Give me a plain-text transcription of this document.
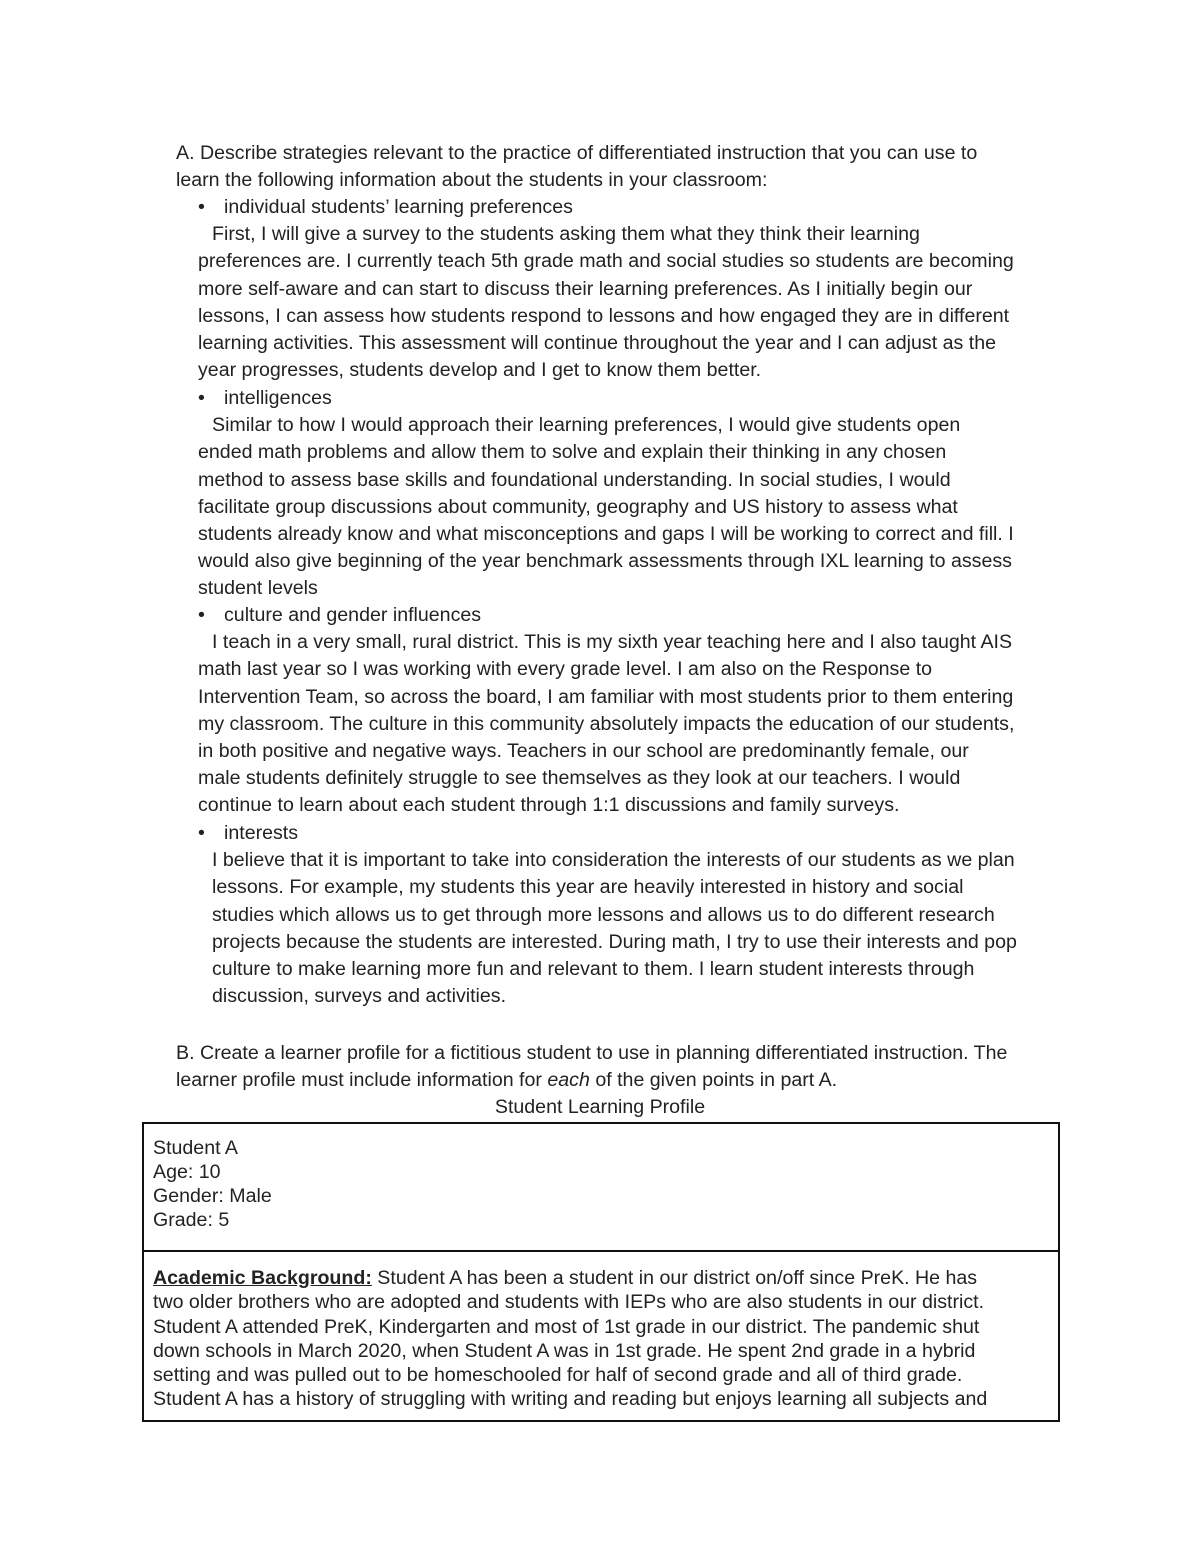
A. Describe strategies relevant to the practice of differentiated instruction that you can use to
learn the following information about the students in your classroom:
• individual students’ learning preferences
First, I will give a survey to the students asking them what they think their learning
preferences are. I currently teach 5th grade math and social studies so students are becoming
more self-aware and can start to discuss their learning preferences. As I initially begin our
lessons, I can assess how students respond to lessons and how engaged they are in different
learning activities. This assessment will continue throughout the year and I can adjust as the
year progresses, students develop and I get to know them better.
• intelligences
Similar to how I would approach their learning preferences, I would give students open
ended math problems and allow them to solve and explain their thinking in any chosen
method to assess base skills and foundational understanding. In social studies, I would
facilitate group discussions about community, geography and US history to assess what
students already know and what misconceptions and gaps I will be working to correct and fill. I
would also give beginning of the year benchmark assessments through IXL learning to assess
student levels
• culture and gender influences
I teach in a very small, rural district. This is my sixth year teaching here and I also taught AIS
math last year so I was working with every grade level. I am also on the Response to
Intervention Team, so across the board, I am familiar with most students prior to them entering
my classroom. The culture in this community absolutely impacts the education of our students,
in both positive and negative ways. Teachers in our school are predominantly female, our
male students definitely struggle to see themselves as they look at our teachers. I would
continue to learn about each student through 1:1 discussions and family surveys.
• interests
I believe that it is important to take into consideration the interests of our students as we plan
lessons. For example, my students this year are heavily interested in history and social
studies which allows us to get through more lessons and allows us to do different research
projects because the students are interested. During math, I try to use their interests and pop
culture to make learning more fun and relevant to them. I learn student interests through
discussion, surveys and activities.
B. Create a learner profile for a fictitious student to use in planning differentiated instruction. The
learner profile must include information for each of the given points in part A.
Student Learning Profile
Student A
Age: 10
Gender: Male
Grade: 5
Academic Background: Student A has been a student in our district on/off since PreK. He has
two older brothers who are adopted and students with IEPs who are also students in our district.
Student A attended PreK, Kindergarten and most of 1st grade in our district. The pandemic shut
down schools in March 2020, when Student A was in 1st grade. He spent 2nd grade in a hybrid
setting and was pulled out to be homeschooled for half of second grade and all of third grade.
Student A has a history of struggling with writing and reading but enjoys learning all subjects and
